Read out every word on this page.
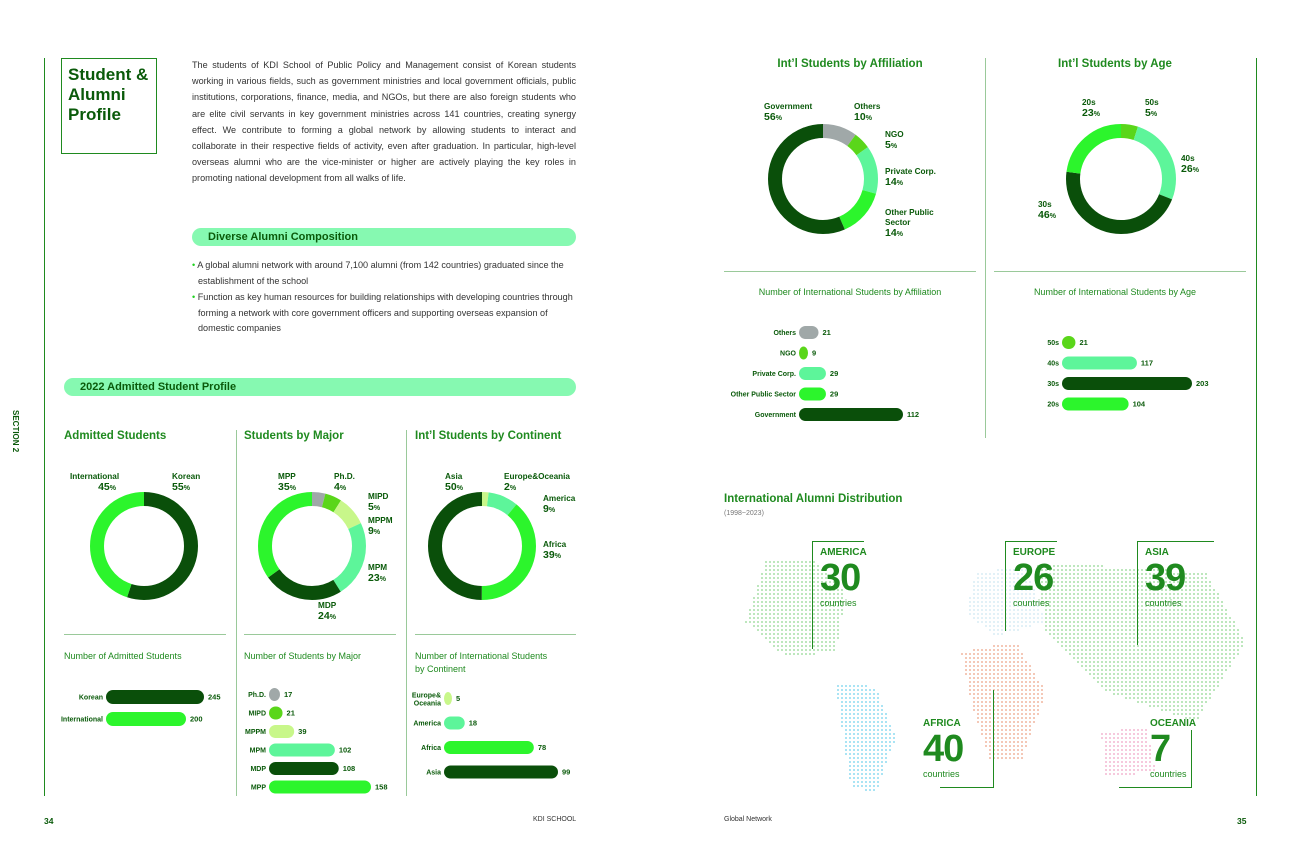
SECTION 2
Student &
Alumni
Profile
The students of KDI School of Public Policy and Management consist of Korean students working in various fields, such as government ministries and local government officials, public institutions, corporations, finance, media, and NGOs, but there are also foreign students who are elite civil servants in key government ministries across 141 countries, creating synergy effect. We contribute to forming a global network by allowing students to interact and collaborate in their respective fields of activity, even after graduation. In particular, high-level overseas alumni who are the vice-minister or higher are actively playing the key roles in promoting national development from all walks of life.
Diverse Alumni Composition
• A global alumni network with around 7,100 alumni (from 142 countries) graduated since the establishment of the school
• Function as key human resources for building relationships with developing countries through forming a network with core government officers and supporting overseas expansion of domestic companies
2022 Admitted Student Profile
Admitted Students
International
45%
Korean
55%
Number of Admitted Students
Korean	245
International	200
Students by Major
MPP
35%
Ph.D.
4%
MIPD
5%
MPPM
9%
MPM
23%
MDP
24%
Number of Students by Major
Ph.D. 17
MIPD	21
MPPM	39
MPM	102
MDP	108
MPP	158
Int’l Students by Continent
Asia
50%
Europe&Oceania
2%
America
9%
Africa
39%
Number of International Students
by Continent
Europe& Oceania
5
America	18
Africa	78
Asia	99
34	KDI SCHOOL
Int’l Students by Affiliation
Government
56%
Others
10%
NGO
5%
Private Corp.
14%
Other Public Sector
14%
Number of International Students by Affiliation
Others	21
NGO 9
Private Corp.	29
Other Public Sector	29
Government	112
Int’l Students by Age
20s
23%
50s
5%
40s
26%
30s
46%
Number of International Students by Age
50s	21
40s	117
30s	203
20s	104
International Alumni Distribution
(1998~2023)
AMERICA
30
countries
EUROPE
26
countries
ASIA
39
countries
AFRICA
40
countries
OCEANIA
7
countries
Global Network	35
